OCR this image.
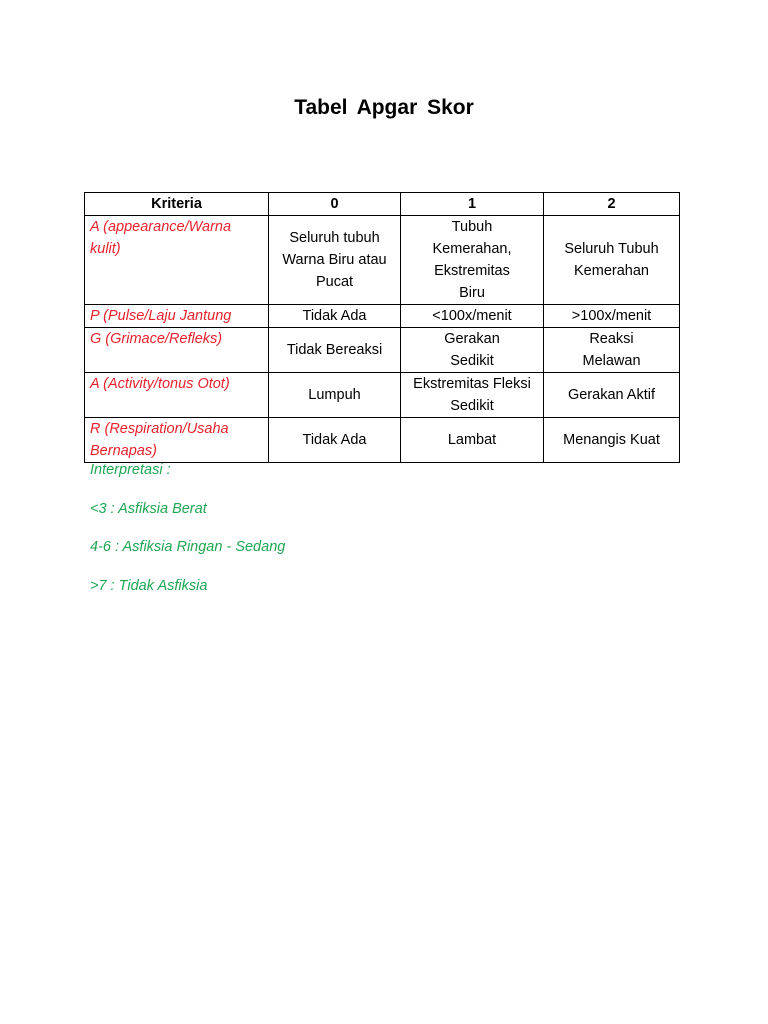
Tabel Apgar Skor
Kriteria	0	1	2
A (appearance/Warna kulit)	Seluruh tubuh Warna Biru atau Pucat	Tubuh Kemerahan, Ekstremitas Biru	Seluruh Tubuh Kemerahan
P (Pulse/Laju Jantung	Tidak Ada	<100x/menit	>100x/menit
G (Grimace/Refleks)	Tidak Bereaksi	Gerakan Sedikit	Reaksi Melawan
A (Activity/tonus Otot)	Lumpuh	Ekstremitas Fleksi Sedikit	Gerakan Aktif
R (Respiration/Usaha Bernapas)	Tidak Ada	Lambat	Menangis Kuat
Interpretasi :
<3 : Asfiksia Berat
4-6 : Asfiksia Ringan - Sedang
>7 : Tidak Asfiksia
